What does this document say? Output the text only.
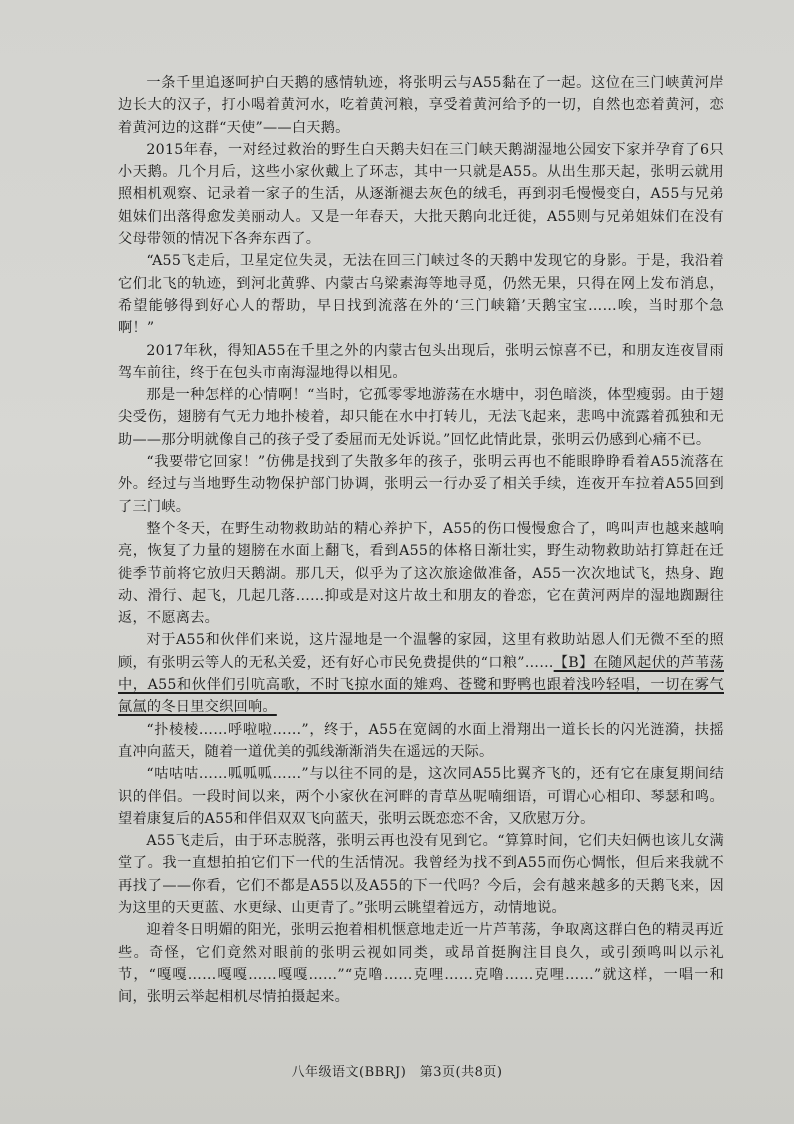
一条千里追逐呵护白天鹅的感情轨迹，将张明云与A55黏在了一起。这位在三门峡黄河岸边长大的汉子，打小喝着黄河水，吃着黄河粮，享受着黄河给予的一切，自然也恋着黄河，恋着黄河边的这群“天使”——白天鹅。

2015年春，一对经过救治的野生白天鹅夫妇在三门峡天鹅湖湿地公园安下家并孕育了6只小天鹅。几个月后，这些小家伙戴上了环志，其中一只就是A55。从出生那天起，张明云就用照相机观察、记录着一家子的生活，从逐渐褪去灰色的绒毛，再到羽毛慢慢变白，A55与兄弟姐妹们出落得愈发美丽动人。又是一年春天，大批天鹅向北迁徙，A55则与兄弟姐妹们在没有父母带领的情况下各奔东西了。

“A55飞走后，卫星定位失灵，无法在回三门峡过冬的天鹅中发现它的身影。于是，我沿着它们北飞的轨迹，到河北黄骅、内蒙古乌梁素海等地寻觅，仍然无果，只得在网上发布消息，希望能够得到好心人的帮助，早日找到流落在外的‘三门峡籍’天鹅宝宝……唉，当时那个急啊！”

2017年秋，得知A55在千里之外的内蒙古包头出现后，张明云惊喜不已，和朋友连夜冒雨驾车前往，终于在包头市南海湿地得以相见。

那是一种怎样的心情啊！“当时，它孤零零地游荡在水塘中，羽色暗淡，体型瘦弱。由于翅尖受伤，翅膀有气无力地扑棱着，却只能在水中打转儿，无法飞起来，悲鸣中流露着孤独和无助——那分明就像自己的孩子受了委屈而无处诉说。”回忆此情此景，张明云仍感到心痛不已。

“我要带它回家！”仿佛是找到了失散多年的孩子，张明云再也不能眼睁睁看着A55流落在外。经过与当地野生动物保护部门协调，张明云一行办妥了相关手续，连夜开车拉着A55回到了三门峡。

整个冬天，在野生动物救助站的精心养护下，A55的伤口慢慢愈合了，鸣叫声也越来越响亮，恢复了力量的翅膀在水面上翻飞，看到A55的体格日渐壮实，野生动物救助站打算赶在迁徙季节前将它放归天鹅湖。那几天，似乎为了这次旅途做准备，A55一次次地试飞，热身、跑动、滑行、起飞，几起几落……抑或是对这片故土和朋友的眷恋，它在黄河两岸的湿地踟蹰往返，不愿离去。

对于A55和伙伴们来说，这片湿地是一个温馨的家园，这里有救助站恩人们无微不至的照顾，有张明云等人的无私关爱，还有好心市民免费提供的“口粮”……【B】在随风起伏的芦苇荡中，A55和伙伴们引吭高歌，不时飞掠水面的雉鸡、苍鹭和野鸭也跟着浅吟轻唱，一切在雾气氤氲的冬日里交织回响。

“扑棱棱……呼啦啦……”，终于，A55在宽阔的水面上滑翔出一道长长的闪光涟漪，扶摇直冲向蓝天，随着一道优美的弧线渐渐消失在遥远的天际。

“咕咕咕……呱呱呱……”与以往不同的是，这次同A55比翼齐飞的，还有它在康复期间结识的伴侣。一段时间以来，两个小家伙在河畔的青草丛呢喃细语，可谓心心相印、琴瑟和鸣。望着康复后的A55和伴侣双双飞向蓝天，张明云既恋恋不舍，又欣慰万分。

A55飞走后，由于环志脱落，张明云再也没有见到它。“算算时间，它们夫妇俩也该儿女满堂了。我一直想拍拍它们下一代的生活情况。我曾经为找不到A55而伤心惆怅，但后来我就不再找了——你看，它们不都是A55以及A55的下一代吗？今后，会有越来越多的天鹅飞来，因为这里的天更蓝、水更绿、山更青了。”张明云眺望着远方，动情地说。

迎着冬日明媚的阳光，张明云抱着相机惬意地走近一片芦苇荡，争取离这群白色的精灵再近些。奇怪，它们竟然对眼前的张明云视如同类，或昂首挺胸注目良久，或引颈鸣叫以示礼节，“嘎嘎……嘎嘎……嘎嘎……”“克噜……克哩……克噜……克哩……”就这样，一唱一和间，张明云举起相机尽情拍摄起来。

八年级语文(BBRJ)　第3页(共8页)
